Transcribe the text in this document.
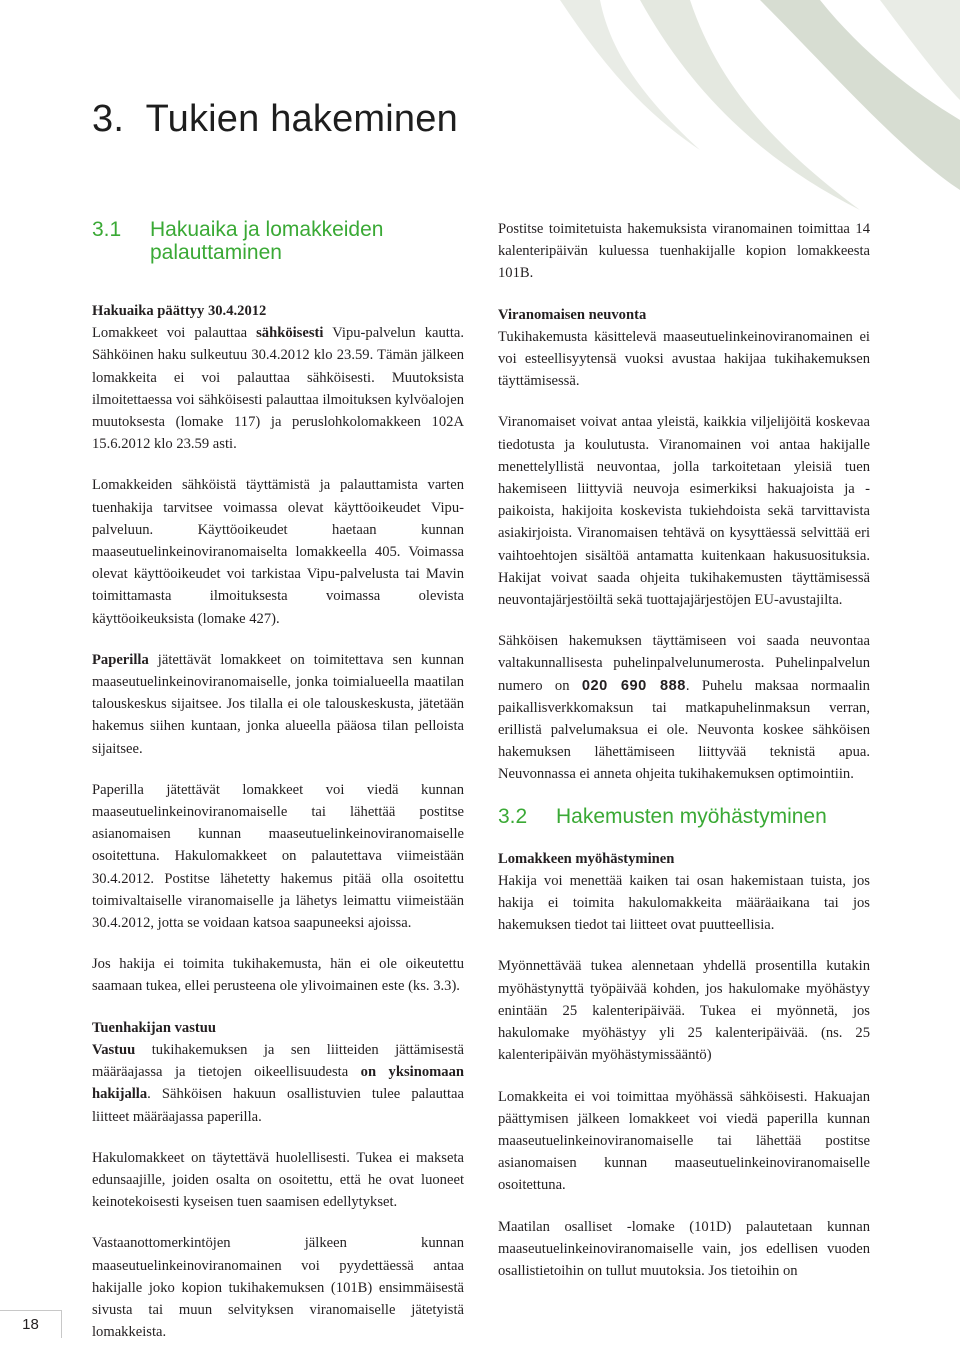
3.  Tukien hakeminen
3.1	Hakuaika ja lomakkeiden
palauttaminen

Hakuaika päättyy 30.4.2012

Lomakkeet voi palauttaa sähköisesti Vipu-palvelun kautta. Sähköinen haku sulkeutuu 30.4.2012 klo 23.59. Tämän jälkeen lomakkeita ei voi palauttaa sähköisesti. Muutoksista ilmoitettaessa voi sähköisesti palauttaa ilmoituksen kylvöalojen muutoksesta (lomake 117) ja peruslohkolomakkeen 102A 15.6.2012 klo 23.59 asti.

Lomakkeiden sähköistä täyttämistä ja palauttamista varten tuenhakija tarvitsee voimassa olevat käyttöoikeudet Vipu-palveluun. Käyttöoikeudet haetaan kunnan maaseutuelinkeinoviranomaiselta lomakkeella 405. Voimassa olevat käyttöoikeudet voi tarkistaa Vipu-palvelusta tai Mavin toimittamasta ilmoituksesta voimassa olevista käyttöoikeuksista (lomake 427).

Paperilla jätettävät lomakkeet on toimitettava sen kunnan maaseutuelinkeinoviranomaiselle, jonka toimialueella maatilan talouskeskus sijaitsee. Jos tilalla ei ole talouskeskusta, jätetään hakemus siihen kuntaan, jonka alueella pääosa tilan pelloista sijaitsee.

Paperilla jätettävät lomakkeet voi viedä kunnan maaseutuelinkeinoviranomaiselle tai lähettää postitse asianomaisen kunnan maaseutuelinkeinoviranomaiselle osoitettuna. Hakulomakkeet on palautettava viimeistään 30.4.2012. Postitse lähetetty hakemus pitää olla osoitettu toimivaltaiselle viranomaiselle ja lähetys leimattu viimeistään 30.4.2012, jotta se voidaan katsoa saapuneeksi ajoissa.

Jos hakija ei toimita tukihakemusta, hän ei ole oikeutettu saamaan tukea, ellei perusteena ole ylivoimainen este (ks. 3.3).

Tuenhakijan vastuu

Vastuu tukihakemuksen ja sen liitteiden jättämisestä määräajassa ja tietojen oikeellisuudesta on yksinomaan hakijalla. Sähköisen hakuun osallistuvien tulee palauttaa liitteet määräajassa paperilla.

Hakulomakkeet on täytettävä huolellisesti. Tukea ei makseta edunsaajille, joiden osalta on osoitettu, että he ovat luoneet keinotekoisesti kyseisen tuen saamisen edellytykset.

Vastaanottomerkintöjen jälkeen kunnan maaseutuelinkeinoviranomainen voi pyydettäessä antaa hakijalle joko kopion tukihakemuksen (101B) ensimmäisestä sivusta tai muun selvityksen viranomaiselle jätetyistä lomakkeista.

Postitse toimitetuista hakemuksista viranomainen toimittaa 14 kalenteripäivän kuluessa tuenhakijalle kopion lomakkeesta 101B.

Viranomaisen neuvonta

Tukihakemusta käsittelevä maaseutuelinkeinoviranomainen ei voi esteellisyytensä vuoksi avustaa hakijaa tukihakemuksen täyttämisessä.

Viranomaiset voivat antaa yleistä, kaikkia viljelijöitä koskevaa tiedotusta ja koulutusta. Viranomainen voi antaa hakijalle menettelyllistä neuvontaa, jolla tarkoitetaan yleisiä tuen hakemiseen liittyviä neuvoja esimerkiksi hakuajoista ja -paikoista, hakijoita koskevista tukiehdoista sekä tarvittavista asiakirjoista. Viranomaisen tehtävä on kysyttäessä selvittää eri vaihtoehtojen sisältöä antamatta kuitenkaan hakusuosituksia. Hakijat voivat saada ohjeita tukihakemusten täyttämisessä neuvontajärjestöiltä sekä tuottajajärjestöjen EU-avustajilta.

Sähköisen hakemuksen täyttämiseen voi saada neuvontaa valtakunnallisesta puhelinpalvelunumerosta. Puhelinpalvelun numero on 020 690 888. Puhelu maksaa normaalin paikallisverkkomaksun tai matkapuhelinmaksun verran, erillistä palvelumaksua ei ole. Neuvonta koskee sähköisen hakemuksen lähettämiseen liittyvää teknistä apua. Neuvonnassa ei anneta ohjeita tukihakemuksen optimointiin.

3.2	Hakemusten myöhästyminen

Lomakkeen myöhästyminen

Hakija voi menettää kaiken tai osan hakemistaan tuista, jos hakija ei toimita hakulomakkeita määräaikana tai jos hakemuksen tiedot tai liitteet ovat puutteellisia.

Myönnettävää tukea alennetaan yhdellä prosentilla kutakin myöhästynyttä työpäivää kohden, jos hakulomake myöhästyy enintään 25 kalenteripäivää. Tukea ei myönnetä, jos hakulomake myöhästyy yli 25 kalenteripäivää. (ns. 25 kalenteripäivän myöhästymissääntö)

Lomakkeita ei voi toimittaa myöhässä sähköisesti. Hakuajan päättymisen jälkeen lomakkeet voi viedä paperilla kunnan maaseutuelinkeinoviranomaiselle tai lähettää postitse asianomaisen kunnan maaseutuelinkeinoviranomaiselle osoitettuna.

Maatilan osalliset -lomake (101D) palautetaan kunnan maaseutuelinkeinoviranomaiselle vain, jos edellisen vuoden osallistietoihin on tullut muutoksia. Jos tietoihin on

18
